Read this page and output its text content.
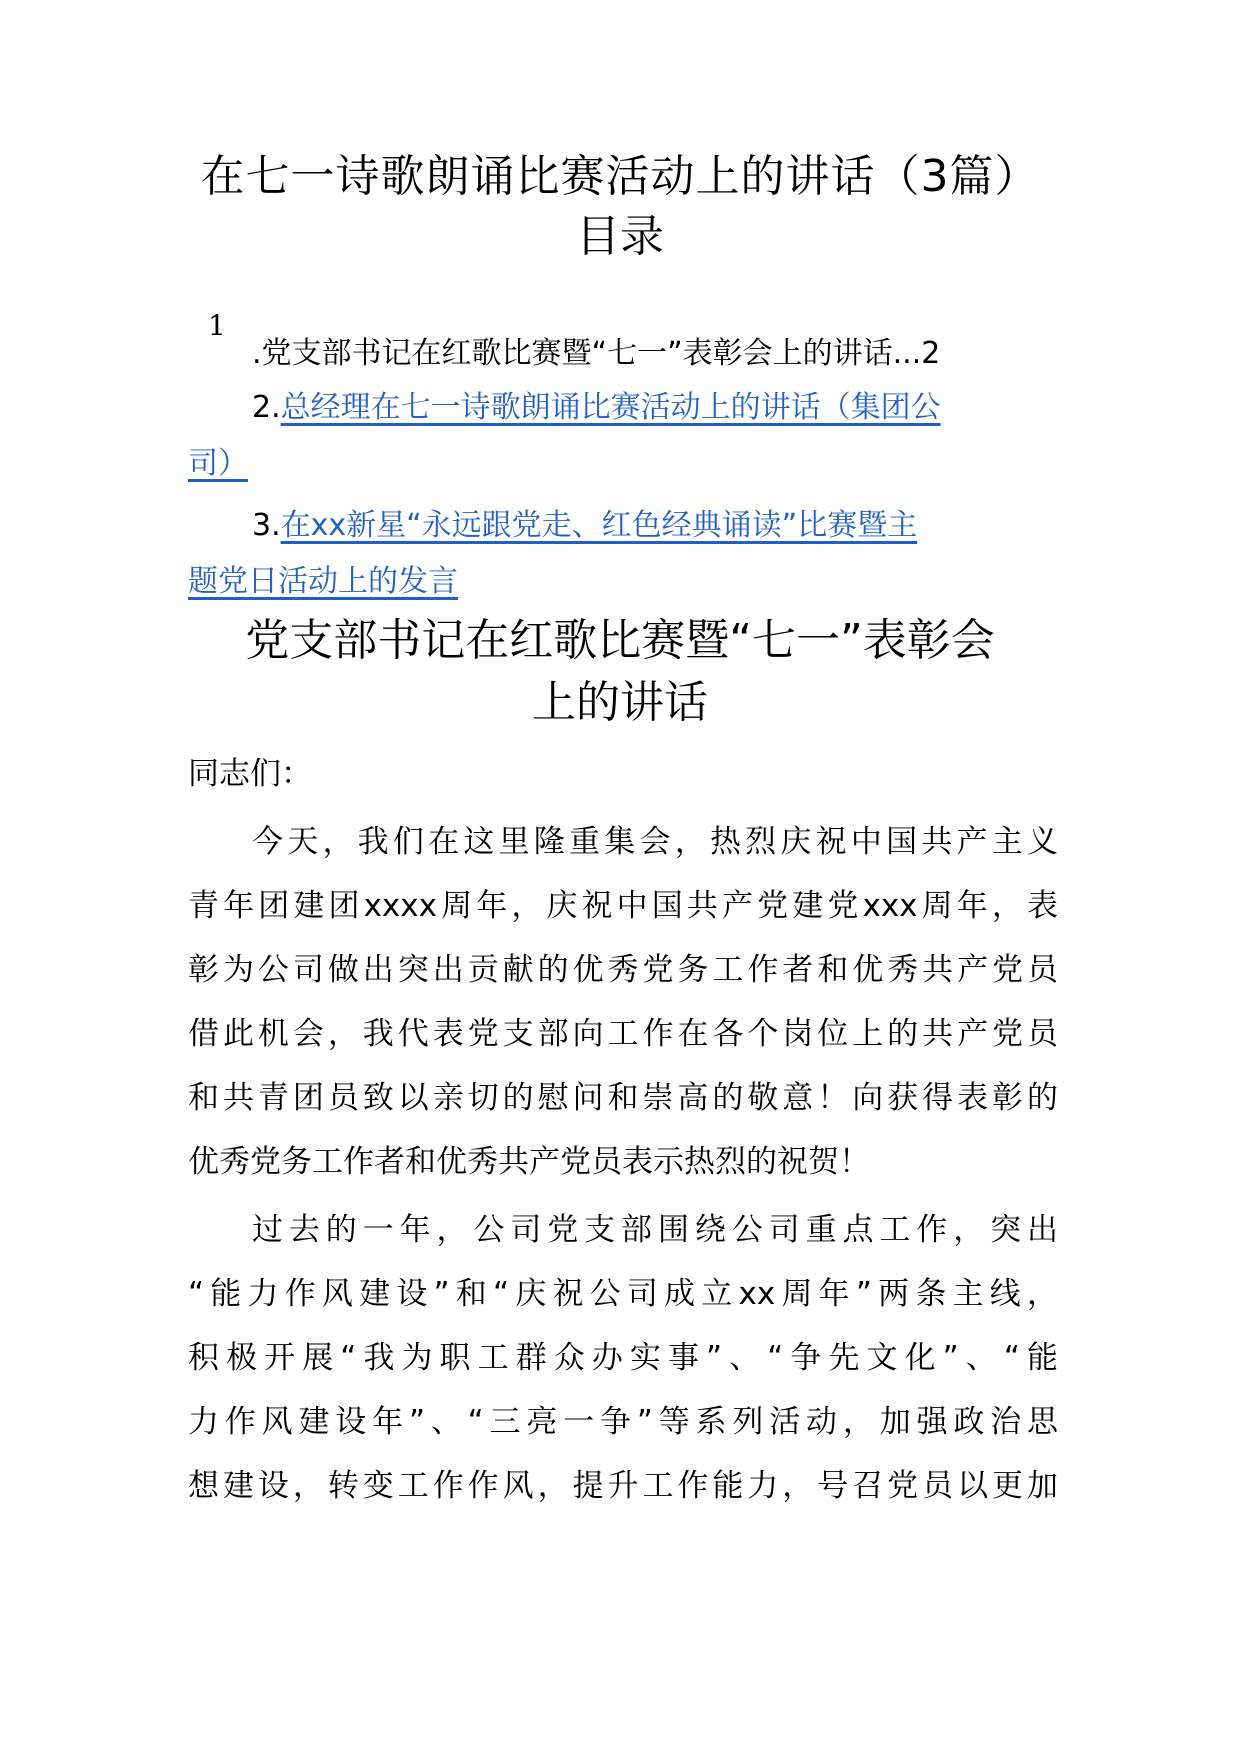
在七一诗歌朗诵比赛活动上的讲话（3篇）
目录
1
.党支部书记在红歌比赛暨“七一”表彰会上的讲话...2
2.总经理在七一诗歌朗诵比赛活动上的讲话（集团公
司）
3.在xx新星“永远跟党走、红色经典诵读”比赛暨主
题党日活动上的发言
党支部书记在红歌比赛暨“七一”表彰会
上的讲话
同志们：
今天，我们在这里隆重集会，热烈庆祝中国共产主义
青年团建团xxxx周年，庆祝中国共产党建党xxx周年，表
彰为公司做出突出贡献的优秀党务工作者和优秀共产党员
借此机会，我代表党支部向工作在各个岗位上的共产党员
和共青团员致以亲切的慰问和崇高的敬意！向获得表彰的
优秀党务工作者和优秀共产党员表示热烈的祝贺！
过去的一年，公司党支部围绕公司重点工作，突出
“能力作风建设”和“庆祝公司成立xx周年”两条主线，
积极开展“我为职工群众办实事”、“争先文化”、“能
力作风建设年”、“三亮一争”等系列活动，加强政治思
想建设，转变工作作风，提升工作能力，号召党员以更加
